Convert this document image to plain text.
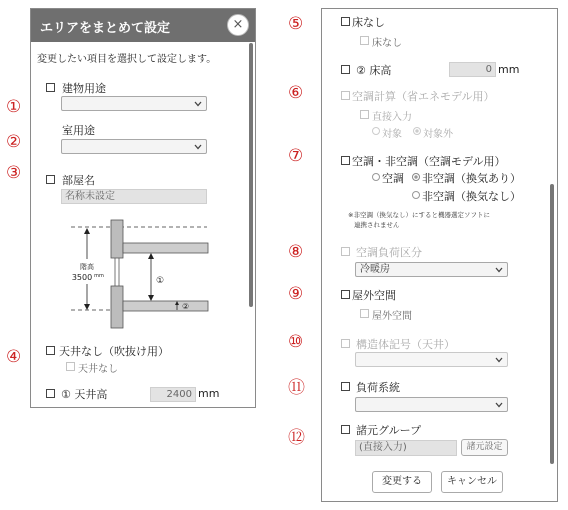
①
②
③
④
⑤
⑥
⑦
⑧
⑨
⑩
⑪
⑫
エリアをまとめて設定	×
変更したい項目を選択して設定します。
建物用途
室用途
部屋名
名称未設定
階高
3500 mm	①
②
天井なし（吹抜け用）
天井なし
① 天井高	2400 mm
床なし
床なし
② 床高	0 mm
空調計算（省エネモデル用）
直接入力
対象 対象外
空調・非空調（空調モデル用）
空調 非空調（換気あり）
非空調（換気なし）
※非空調（換気なし）にすると機器選定ソフトに
連携されません
空調負荷区分
冷暖房
屋外空間
屋外空間
構造体記号（天井）
負荷系統
諸元グループ
(直接入力)	諸元設定
変更する	キャンセル
